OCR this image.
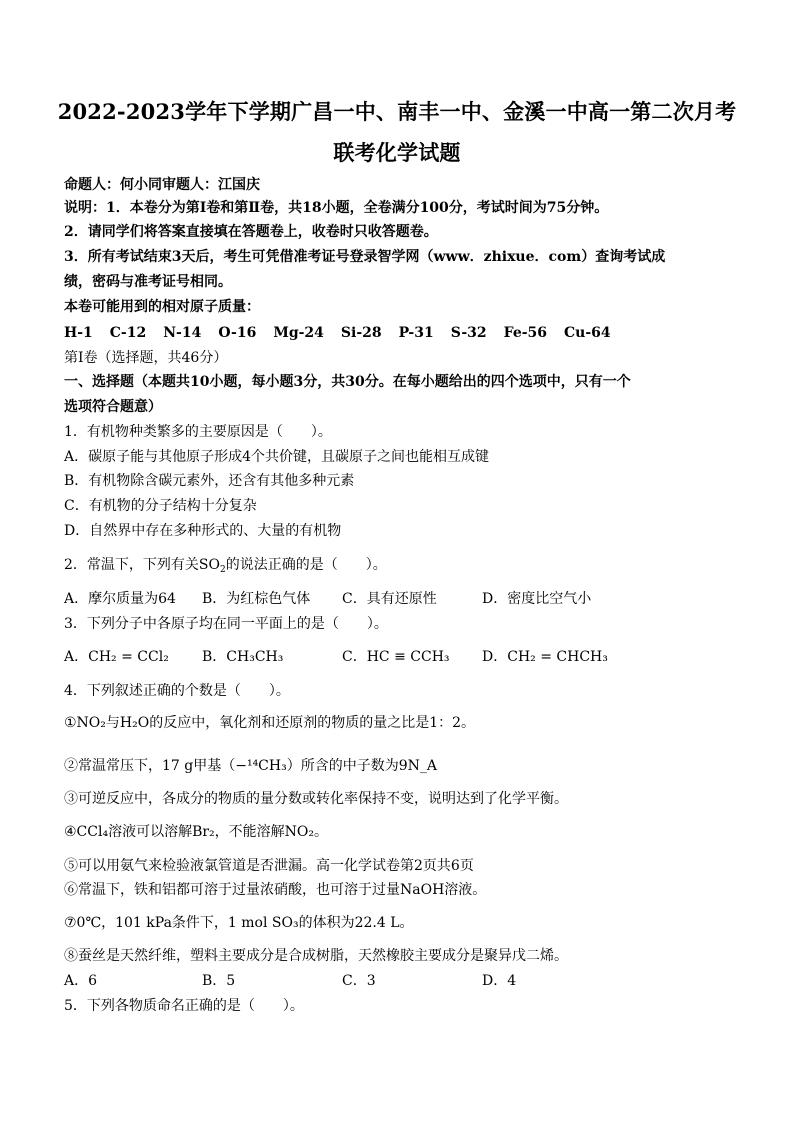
2022-2023学年下学期广昌一中、南丰一中、金溪一中高一第二次月考
联考化学试题
命题人：何小同审题人：江国庆
说明：1．本卷分为第Ⅰ卷和第Ⅱ卷，共18小题，全卷满分100分，考试时间为75分钟。
2．请同学们将答案直接填在答题卷上，收卷时只收答题卷。
3．所有考试结束3天后，考生可凭借准考证号登录智学网（www．zhixue．com）查询考试成
绩，密码与准考证号相同。
本卷可能用到的相对原子质量：
H-1 C-12 N-14 O-16 Mg-24 Si-28 P-31 S-32 Fe-56 Cu-64
第Ⅰ卷（选择题，共46分）
一、选择题（本题共10小题，每小题3分，共30分。在每小题给出的四个选项中，只有一个
选项符合题意）
1．有机物种类繁多的主要原因是（　　）。
A．碳原子能与其他原子形成4个共价键，且碳原子之间也能相互成键
B．有机物除含碳元素外，还含有其他多种元素
C．有机物的分子结构十分复杂
D．自然界中存在多种形式的、大量的有机物
2．常温下，下列有关$SO_2$的说法正确的是（　　）。
A．摩尔质量为64	B．为红棕色气体	C．具有还原性	D．密度比空气小
3．下列分子中各原子均在同一平面上的是（　　）。
A．CH₂ = CCl₂	B．CH₃CH₃	C．HC ≡ CCH₃	D．CH₂ = CHCH₃
4．下列叙述正确的个数是（　　）。
①NO₂与H₂O的反应中，氧化剂和还原剂的物质的量之比是1：2。
②常温常压下，17 g甲基（−¹⁴CH₃）所含的中子数为9N_A
③可逆反应中，各成分的物质的量分数或转化率保持不变，说明达到了化学平衡。
④CCl₄溶液可以溶解Br₂，不能溶解NO₂。
⑤可以用氨气来检验液氯管道是否泄漏。高一化学试卷第2页共6页
⑥常温下，铁和铝都可溶于过量浓硝酸，也可溶于过量NaOH溶液。
⑦0℃，101 kPa条件下，1 mol SO₃的体积为22.4 L。
⑧蚕丝是天然纤维，塑料主要成分是合成树脂，天然橡胶主要成分是聚异戊二烯。
A．6	B．5	C．3	D．4
5．下列各物质命名正确的是（　　）。
